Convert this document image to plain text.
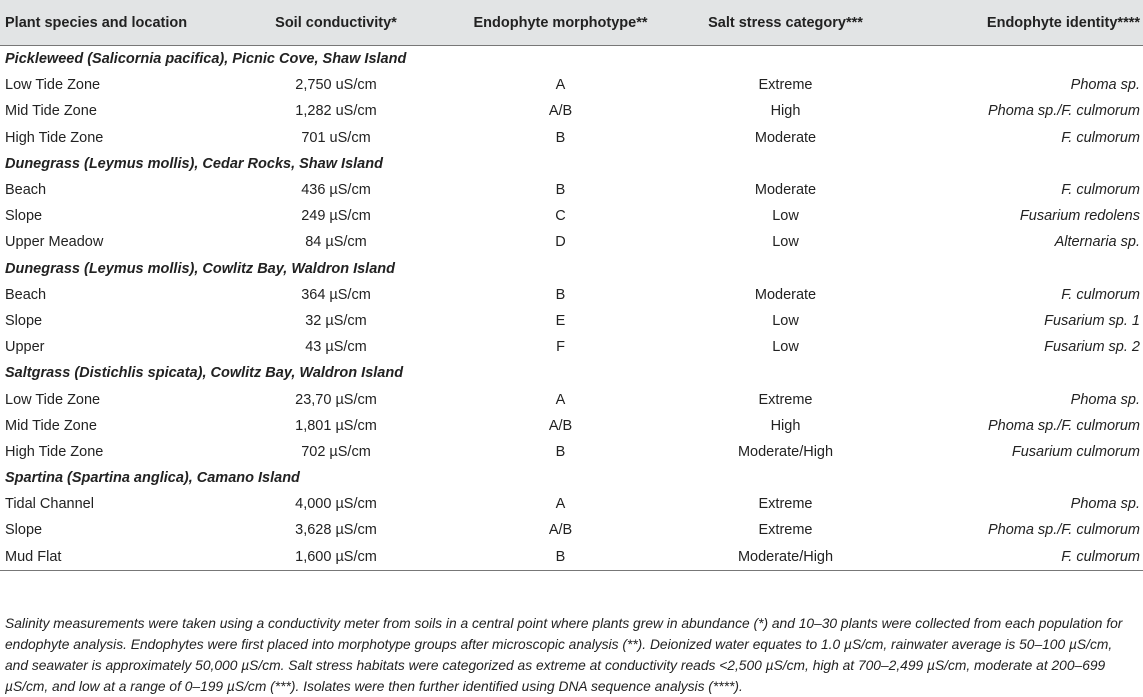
Plant species and location	Soil conductivity*	Endophyte morphotype**	Salt stress category***	Endophyte identity****
Pickleweed (Salicornia pacifica), Picnic Cove, Shaw Island				
Low Tide Zone	2,750 uS/cm	A	Extreme	Phoma sp.
Mid Tide Zone	1,282 uS/cm	A/B	High	Phoma sp./F. culmorum
High Tide Zone	701 uS/cm	B	Moderate	F. culmorum
Dunegrass (Leymus mollis), Cedar Rocks, Shaw Island				
Beach	436 µS/cm	B	Moderate	F. culmorum
Slope	249 µS/cm	C	Low	Fusarium redolens
Upper Meadow	84 µS/cm	D	Low	Alternaria sp.
Dunegrass (Leymus mollis), Cowlitz Bay, Waldron Island				
Beach	364 µS/cm	B	Moderate	F. culmorum
Slope	32 µS/cm	E	Low	Fusarium sp. 1
Upper	43 µS/cm	F	Low	Fusarium sp. 2
Saltgrass (Distichlis spicata), Cowlitz Bay, Waldron Island				
Low Tide Zone	23,70 µS/cm	A	Extreme	Phoma sp.
Mid Tide Zone	1,801 µS/cm	A/B	High	Phoma sp./F. culmorum
High Tide Zone	702 µS/cm	B	Moderate/High	Fusarium culmorum
Spartina (Spartina anglica), Camano Island				
Tidal Channel	4,000 µS/cm	A	Extreme	Phoma sp.
Slope	3,628 µS/cm	A/B	Extreme	Phoma sp./F. culmorum
Mud Flat	1,600 µS/cm	B	Moderate/High	F. culmorum

Salinity measurements were taken using a conductivity meter from soils in a central point where plants grew in abundance (*) and 10–30 plants were collected from each population for endophyte analysis. Endophytes were first placed into morphotype groups after microscopic analysis (**). Deionized water equates to 1.0 µS/cm, rainwater average is 50–100 µS/cm, and seawater is approximately 50,000 µS/cm. Salt stress habitats were categorized as extreme at conductivity reads <2,500 µS/cm, high at 700–2,499 µS/cm, moderate at 200–699 µS/cm, and low at a range of 0–199 µS/cm (***). Isolates were then further identified using DNA sequence analysis (****).
